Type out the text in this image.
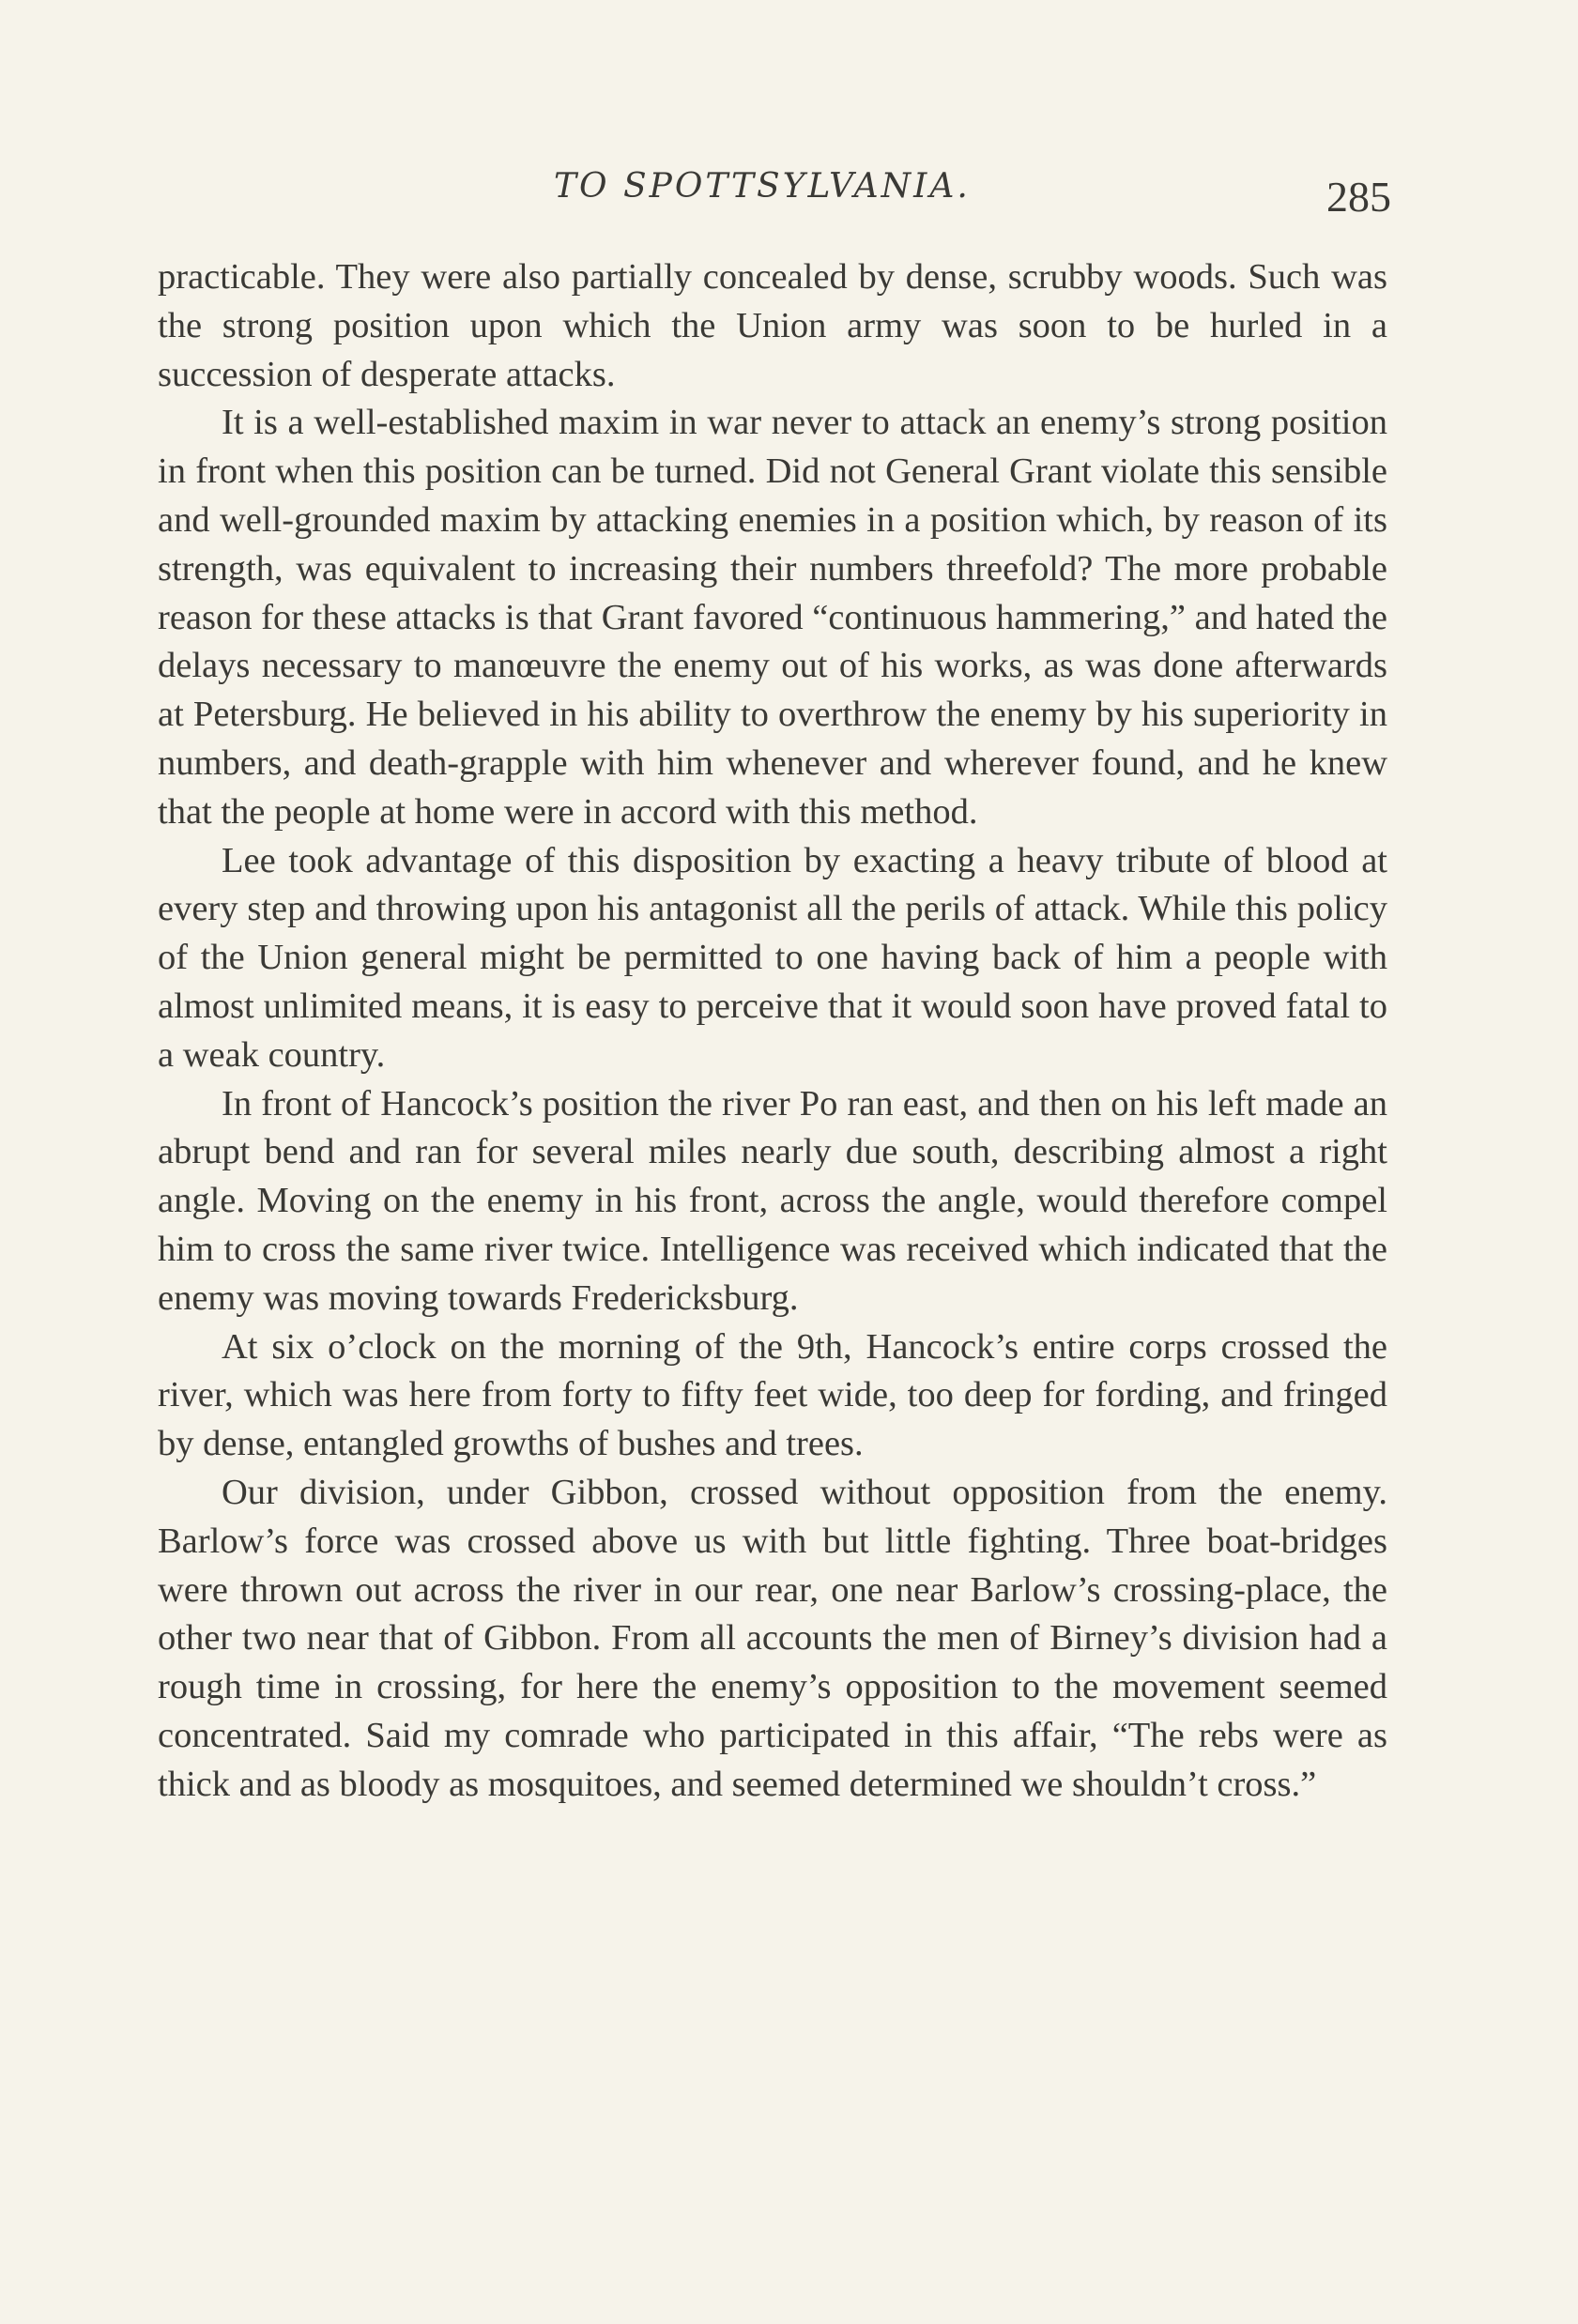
TO SPOTTSYLVANIA.	285

practicable. They were also partially concealed by dense, scrubby woods. Such was the strong position upon which the Union army was soon to be hurled in a succession of desperate attacks.

It is a well-established maxim in war never to attack an enemy’s strong position in front when this position can be turned. Did not General Grant violate this sensible and well-grounded maxim by attacking enemies in a position which, by reason of its strength, was equivalent to increasing their numbers threefold? The more probable reason for these attacks is that Grant favored “continuous hammering,” and hated the delays necessary to manœuvre the enemy out of his works, as was done afterwards at Petersburg. He believed in his ability to overthrow the enemy by his superiority in numbers, and death-grapple with him whenever and wherever found, and he knew that the people at home were in accord with this method.

Lee took advantage of this disposition by exacting a heavy tribute of blood at every step and throwing upon his antagonist all the perils of attack. While this policy of the Union general might be permitted to one having back of him a people with almost unlimited means, it is easy to perceive that it would soon have proved fatal to a weak country.

In front of Hancock’s position the river Po ran east, and then on his left made an abrupt bend and ran for several miles nearly due south, describing almost a right angle. Moving on the enemy in his front, across the angle, would therefore compel him to cross the same river twice. Intelligence was received which indicated that the enemy was moving towards Fredericksburg.

At six o’clock on the morning of the 9th, Hancock’s entire corps crossed the river, which was here from forty to fifty feet wide, too deep for fording, and fringed by dense, entangled growths of bushes and trees.

Our division, under Gibbon, crossed without opposition from the enemy. Barlow’s force was crossed above us with but little fighting. Three boat-bridges were thrown out across the river in our rear, one near Barlow’s crossing-place, the other two near that of Gibbon. From all accounts the men of Birney’s division had a rough time in crossing, for here the enemy’s opposition to the movement seemed concentrated. Said my comrade who participated in this affair, “The rebs were as thick and as bloody as mosquitoes, and seemed determined we shouldn’t cross.”
